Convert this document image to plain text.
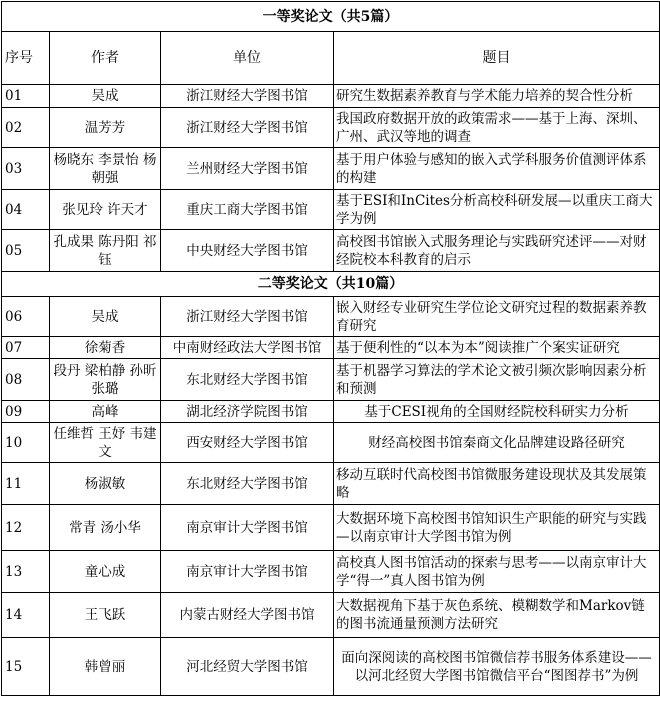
一等奖论文（共5篇）			
序号	作者	单位	题目
01	吴成	浙江财经大学图书馆	研究生数据素养教育与学术能力培养的契合性分析
02	温芳芳	浙江财经大学图书馆	我国政府数据开放的政策需求——基于上海、深圳、广州、武汉等地的调查
03	杨晓东 李景怡 杨朝强	兰州财经大学图书馆	基于用户体验与感知的嵌入式学科服务价值测评体系的构建
04	张见玲 许天才	重庆工商大学图书馆	基于ESI和InCites分析高校科研发展—以重庆工商大学为例
05	孔成果 陈丹阳 祁钰	中央财经大学图书馆	高校图书馆嵌入式服务理论与实践研究述评——对财经院校本科教育的启示
二等奖论文（共10篇）			
06	吴成	浙江财经大学图书馆	嵌入财经专业研究生学位论文研究过程的数据素养教育研究
07	徐菊香	中南财经政法大学图书馆	基于便利性的“以本为本”阅读推广个案实证研究
08	段丹 梁柏静 孙昕 张璐	东北财经大学图书馆	基于机器学习算法的学术论文被引频次影响因素分析和预测
09	高峰	湖北经济学院图书馆	基于CESI视角的全国财经院校科研实力分析
10	任维哲 王妤 韦建文	西安财经大学图书馆	财经高校图书馆秦商文化品牌建设路径研究
11	杨淑敏	东北财经大学图书馆	移动互联时代高校图书馆微服务建设现状及其发展策略
12	常青 汤小华	南京审计大学图书馆	大数据环境下高校图书馆知识生产职能的研究与实践—以南京审计大学图书馆为例
13	童心成	南京审计大学图书馆	高校真人图书馆活动的探索与思考——以南京审计大学“得一”真人图书馆为例
14	王飞跃	内蒙古财经大学图书馆	大数据视角下基于灰色系统、模糊数学和Markov链的图书流通量预测方法研究
15	韩曾丽	河北经贸大学图书馆	面向深阅读的高校图书馆微信荐书服务体系建设——以河北经贸大学图书馆微信平台“图图荐书”为例
